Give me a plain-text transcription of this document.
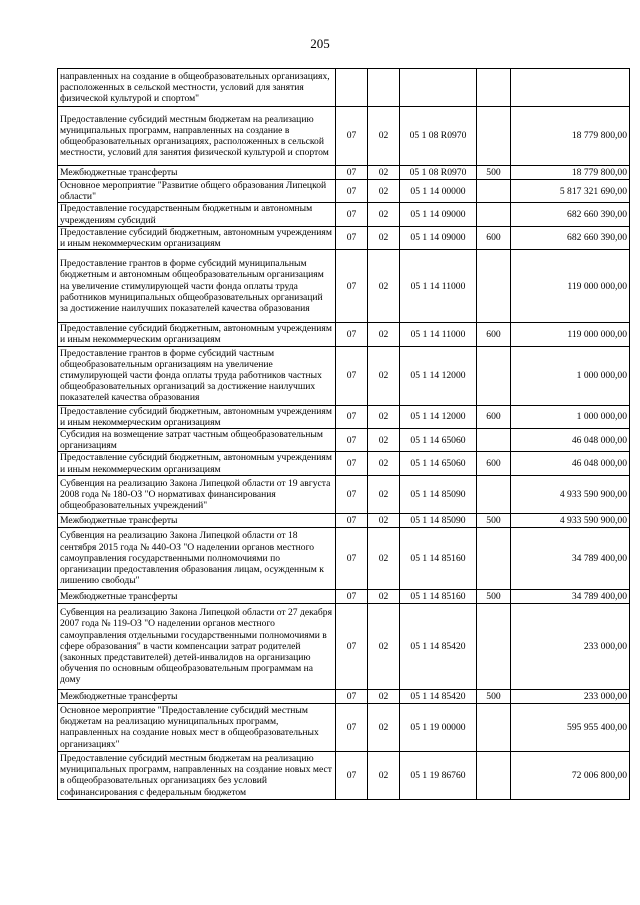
205
направленных на создание в общеобразовательных организациях, расположенных в сельской местности, условий для занятия физической культурой и спортом"					
Предоставление субсидий местным бюджетам на реализацию муниципальных программ, направленных на создание в общеобразовательных организациях, расположенных в сельской местности, условий для занятия физической культурой и спортом	07	02	05 1 08 R0970		18 779 800,00
Межбюджетные трансферты	07	02	05 1 08 R0970	500	18 779 800,00
Основное мероприятие "Развитие общего образования Липецкой области"	07	02	05 1 14 00000		5 817 321 690,00
Предоставление государственным бюджетным и автономным учреждениям субсидий	07	02	05 1 14 09000		682 660 390,00
Предоставление субсидий бюджетным, автономным учреждениям и иным некоммерческим организациям	07	02	05 1 14 09000	600	682 660 390,00
Предоставление грантов в форме субсидий муниципальным бюджетным и автономным общеобразовательным организациям на увеличение стимулирующей части фонда оплаты труда работников муниципальных общеобразовательных организаций за достижение наилучших показателей качества образования	07	02	05 1 14 11000		119 000 000,00
Предоставление субсидий бюджетным, автономным учреждениям и иным некоммерческим организациям	07	02	05 1 14 11000	600	119 000 000,00
Предоставление грантов в форме субсидий частным общеобразовательным организациям на увеличение стимулирующей части фонда оплаты труда работников частных общеобразовательных организаций за достижение наилучших показателей качества образования	07	02	05 1 14 12000		1 000 000,00
Предоставление субсидий бюджетным, автономным учреждениям и иным некоммерческим организациям	07	02	05 1 14 12000	600	1 000 000,00
Субсидия на возмещение затрат частным общеобразовательным организациям	07	02	05 1 14 65060		46 048 000,00
Предоставление субсидий бюджетным, автономным учреждениям и иным некоммерческим организациям	07	02	05 1 14 65060	600	46 048 000,00
Субвенция на реализацию Закона Липецкой области от 19 августа 2008 года № 180-ОЗ "О нормативах финансирования общеобразовательных учреждений"	07	02	05 1 14 85090		4 933 590 900,00
Межбюджетные трансферты	07	02	05 1 14 85090	500	4 933 590 900,00
Субвенция на реализацию Закона Липецкой области от 18 сентября 2015 года № 440-ОЗ "О наделении органов местного самоуправления государственными полномочиями по организации предоставления образования лицам, осужденным к лишению свободы"	07	02	05 1 14 85160		34 789 400,00
Межбюджетные трансферты	07	02	05 1 14 85160	500	34 789 400,00
Субвенция на реализацию Закона Липецкой области от 27 декабря 2007 года № 119-ОЗ "О наделении органов местного самоуправления отдельными государственными полномочиями в сфере образования" в части компенсации затрат родителей (законных представителей) детей-инвалидов на организацию обучения по основным общеобразовательным программам на дому	07	02	05 1 14 85420		233 000,00
Межбюджетные трансферты	07	02	05 1 14 85420	500	233 000,00
Основное мероприятие "Предоставление субсидий местным бюджетам на реализацию муниципальных программ, направленных на создание новых мест в общеобразовательных организациях"	07	02	05 1 19 00000		595 955 400,00
Предоставление субсидий местным бюджетам на реализацию муниципальных программ, направленных на создание новых мест в общеобразовательных организациях без условий софинансирования с федеральным бюджетом	07	02	05 1 19 86760		72 006 800,00
